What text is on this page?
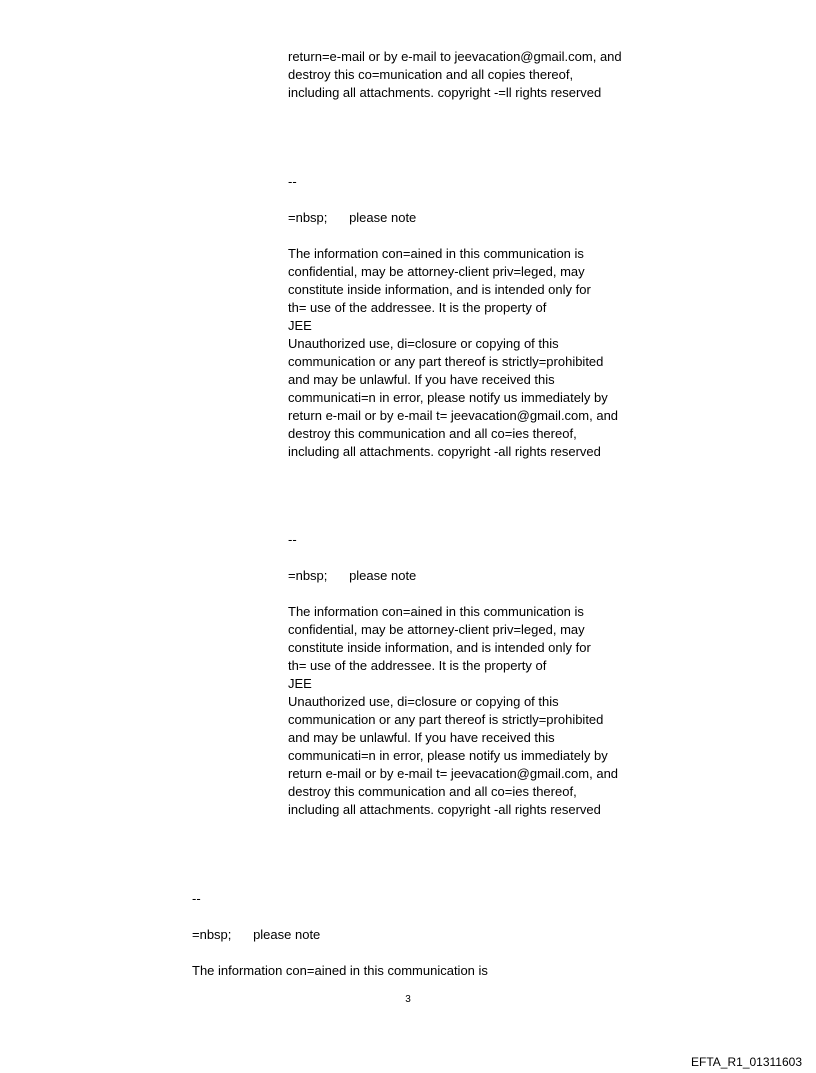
return=e-mail or by e-mail to jeevacation@gmail.com, and
destroy this co=munication and all copies thereof,
including all attachments. copyright -=ll rights reserved
--
=nbsp;      please note
The information con=ained in this communication is
confidential, may be attorney-client priv=leged, may
constitute inside information, and is intended only for
th= use of the addressee. It is the property of
JEE
Unauthorized use, di=closure or copying of this
communication or any part thereof is strictly=prohibited
and may be unlawful. If you have received this
communicati=n in error, please notify us immediately by
return e-mail or by e-mail t= jeevacation@gmail.com, and
destroy this communication and all co=ies thereof,
including all attachments. copyright -all rights reserved
--
=nbsp;      please note
The information con=ained in this communication is
confidential, may be attorney-client priv=leged, may
constitute inside information, and is intended only for
th= use of the addressee. It is the property of
JEE
Unauthorized use, di=closure or copying of this
communication or any part thereof is strictly=prohibited
and may be unlawful. If you have received this
communicati=n in error, please notify us immediately by
return e-mail or by e-mail t= jeevacation@gmail.com, and
destroy this communication and all co=ies thereof,
including all attachments. copyright -all rights reserved
--
=nbsp;      please note
The information con=ained in this communication is
3
EFTA_R1_01311603
